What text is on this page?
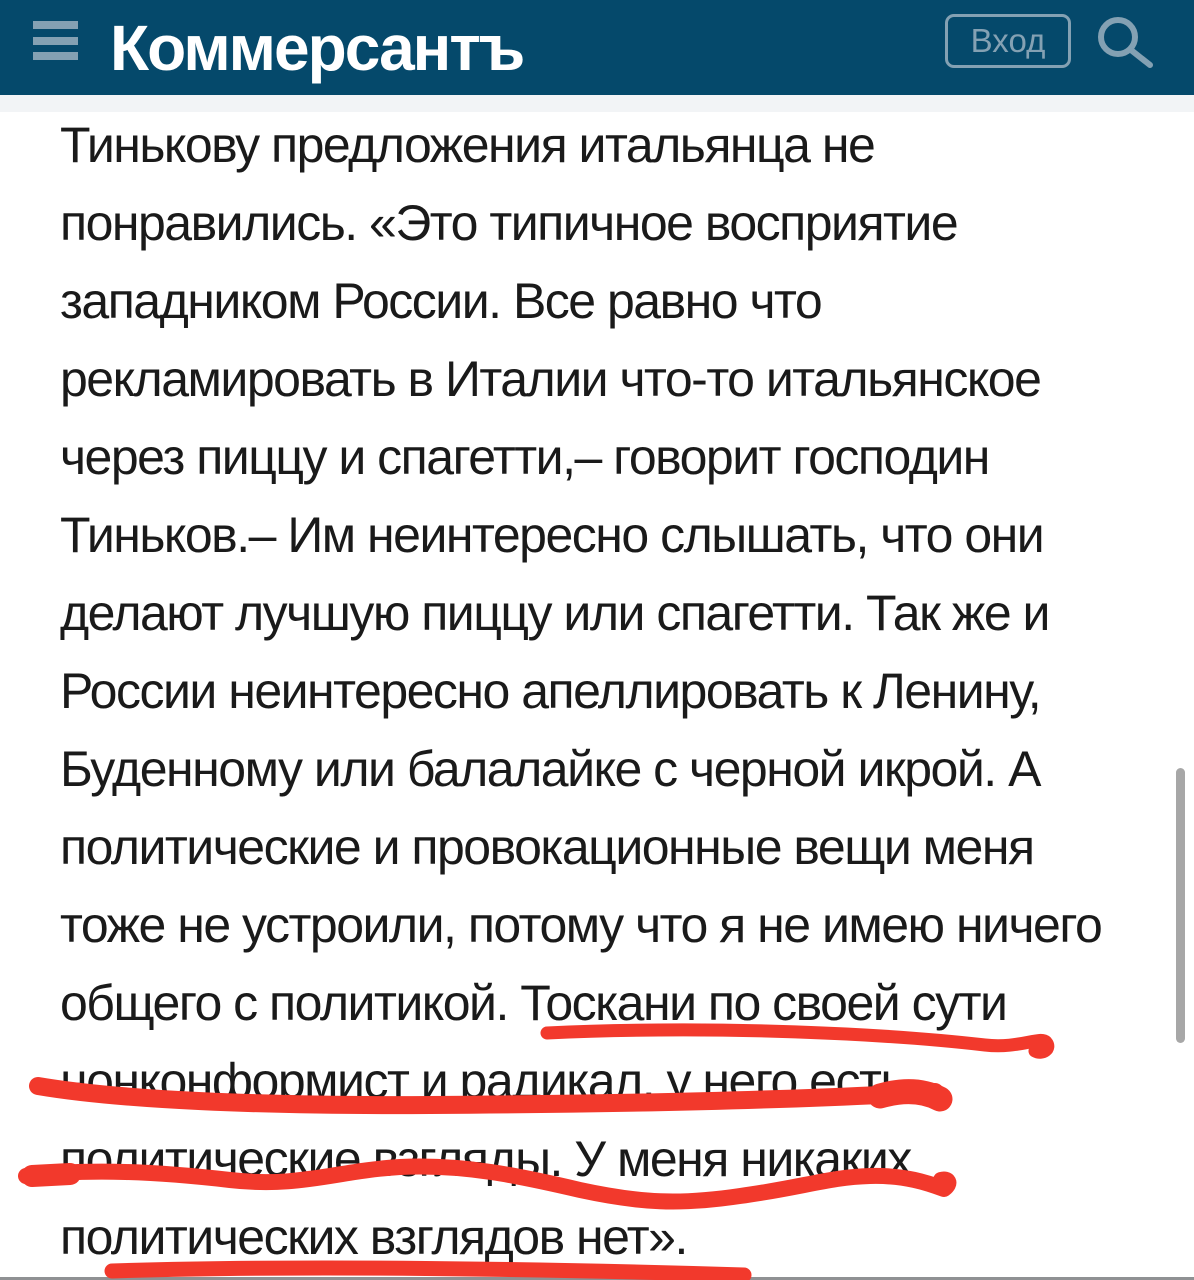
Коммерсантъ	Вход
Тинькову предложения итальянца не
понравились. «Это типичное восприятие
западником России. Все равно что
рекламировать в Италии что-то итальянское
через пиццу и спагетти,– говорит господин
Тиньков.– Им неинтересно слышать, что они
делают лучшую пиццу или спагетти. Так же и
России неинтересно апеллировать к Ленину,
Буденному или балалайке с черной икрой. А
политические и провокационные вещи меня
тоже не устроили, потому что я не имею ничего
общего с политикой. Тоскани по своей сути
нонконформист и радикал, у него есть
политические взгляды. У меня никаких
политических взглядов нет».
